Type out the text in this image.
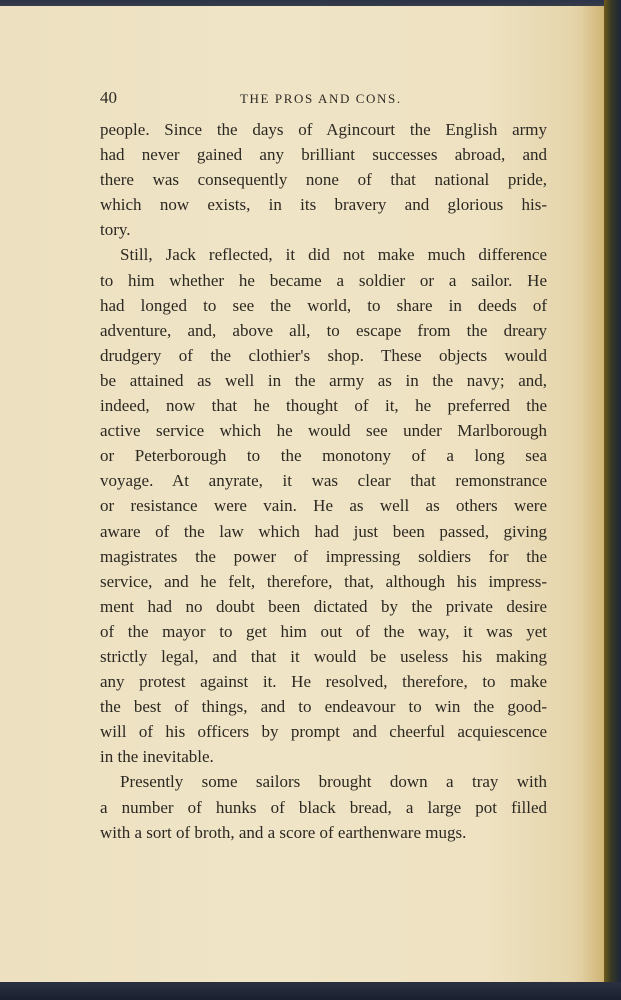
40	THE PROS AND CONS.
people. Since the days of Agincourt the English army
had never gained any brilliant successes abroad, and
there was consequently none of that national pride,
which now exists, in its bravery and glorious his-
tory.
Still, Jack reflected, it did not make much difference
to him whether he became a soldier or a sailor. He
had longed to see the world, to share in deeds of
adventure, and, above all, to escape from the dreary
drudgery of the clothier's shop. These objects would
be attained as well in the army as in the navy; and,
indeed, now that he thought of it, he preferred the
active service which he would see under Marlborough
or Peterborough to the monotony of a long sea
voyage. At anyrate, it was clear that remonstrance
or resistance were vain. He as well as others were
aware of the law which had just been passed, giving
magistrates the power of impressing soldiers for the
service, and he felt, therefore, that, although his impress-
ment had no doubt been dictated by the private desire
of the mayor to get him out of the way, it was yet
strictly legal, and that it would be useless his making
any protest against it. He resolved, therefore, to make
the best of things, and to endeavour to win the good-
will of his officers by prompt and cheerful acquiescence
in the inevitable.
Presently some sailors brought down a tray with
a number of hunks of black bread, a large pot filled
with a sort of broth, and a score of earthenware mugs.
